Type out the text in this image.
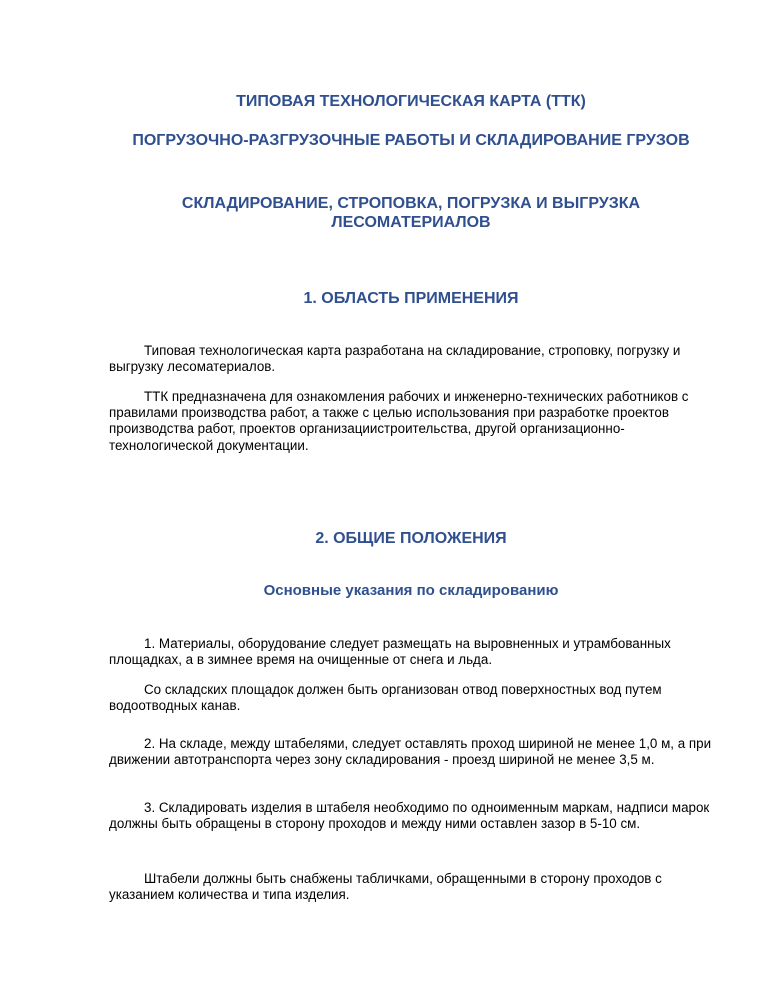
ТИПОВАЯ ТЕХНОЛОГИЧЕСКАЯ КАРТА (ТТК)

ПОГРУЗОЧНО-РАЗГРУЗОЧНЫЕ РАБОТЫ И СКЛАДИРОВАНИЕ ГРУЗОВ

СКЛАДИРОВАНИЕ, СТРОПОВКА, ПОГРУЗКА И ВЫГРУЗКА ЛЕСОМАТЕРИАЛОВ

1. ОБЛАСТЬ ПРИМЕНЕНИЯ

Типовая технологическая карта разработана на складирование, строповку, погрузку и выгрузку лесоматериалов.

ТТК предназначена для ознакомления рабочих и инженерно-технических работников с правилами производства работ, а также с целью использования при разработке проектов производства работ, проектов организациистроительства, другой организационно-технологической документации.

2. ОБЩИЕ ПОЛОЖЕНИЯ
Основные указания по складированию

1. Материалы, оборудование следует размещать на выровненных и утрамбованных площадках, а в зимнее время на очищенные от снега и льда.

Со складских площадок должен быть организован отвод поверхностных вод путем водоотводных канав.

2. На складе, между штабелями, следует оставлять проход шириной не менее 1,0 м, а при движении автотранспорта через зону складирования - проезд шириной не менее 3,5 м.

3. Складировать изделия в штабеля необходимо по одноименным маркам, надписи марок должны быть обращены в сторону проходов и между ними оставлен зазор в 5-10 см.

Штабели должны быть снабжены табличками, обращенными в сторону проходов с указанием количества и типа изделия.
